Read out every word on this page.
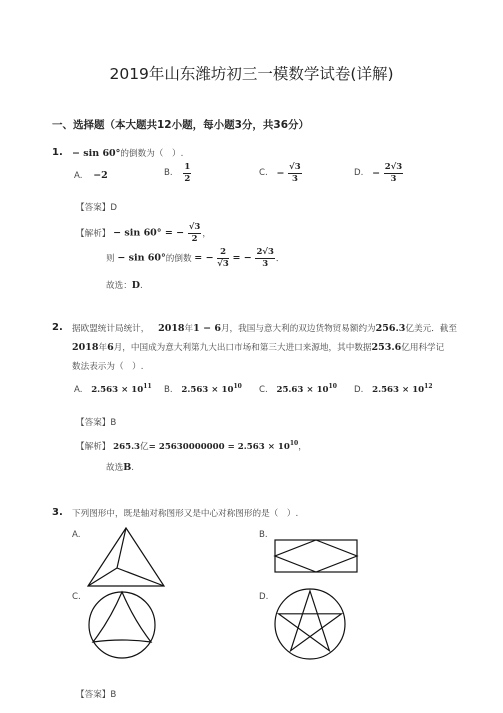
2019年山东潍坊初三一模数学试卷(详解)
一、选择题（本大题共12小题，每小题3分，共36分）
1. − sin 60°的倒数为（　）.
A. −2	B. $\frac{1}{2}$	C. − $\frac{√3}{3}$	D. − $\frac{2√3}{3}$
【答案】D
【解析】 − sin 60° = − $\frac{√3}{2}$ ，
则 − sin 60°的倒数 = − $\frac{2}{√3}$ = − $\frac{2√3}{3}$ ．
故选：D.
2. 据欧盟统计局统计， 2018年1 − 6月，我国与意大利的双边货物贸易额约为256.3亿美元．截至
2018年6月，中国成为意大利第九大出口市场和第三大进口来源地，其中数据253.6亿用科学记
数法表示为（　）.
A. $2.563 \times 10^{11}$ B. $2.563 \times 10^{10}$ C. $25.63 \times 10^{10}$ D. $2.563 \times 10^{12}$
【答案】B
【解析】 265.3亿= $25630000000 = 2.563 \times 10^{10}$，
故选B.
3. 下列图形中，既是轴对称图形又是中心对称图形的是（　）.
A.	B.
C.	D.
【答案】B
